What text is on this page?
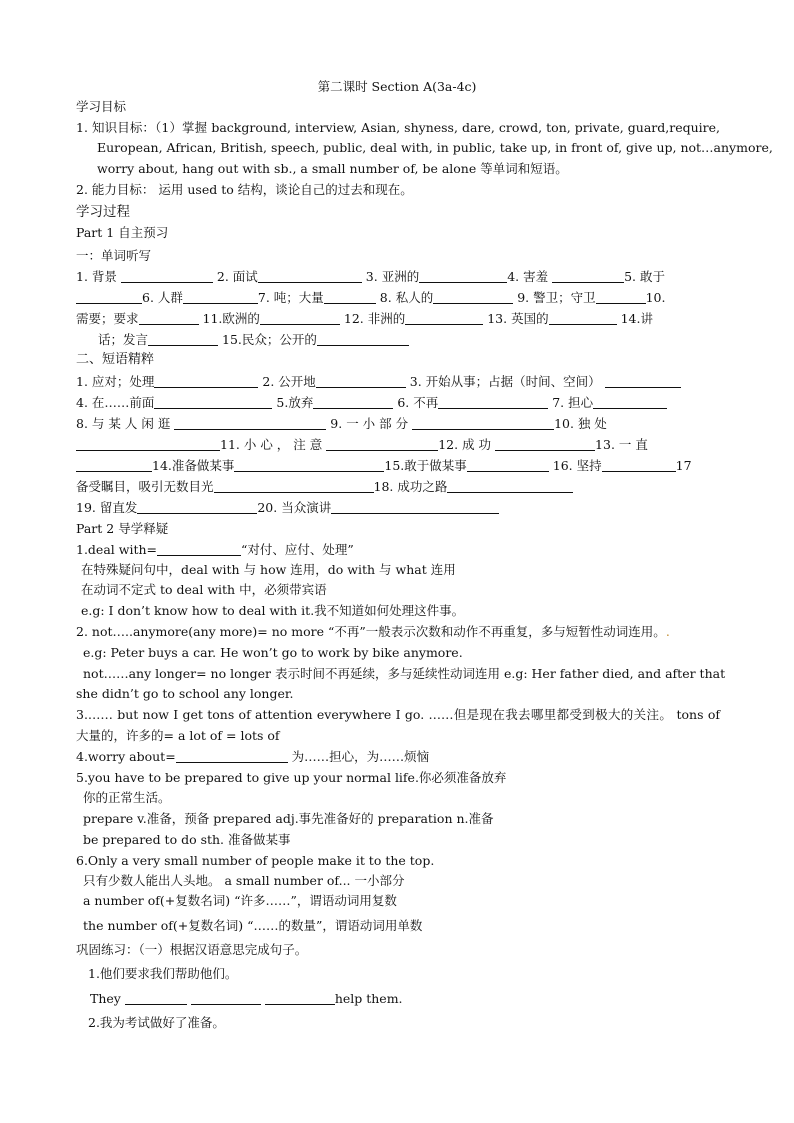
第二课时 Section A(3a-4c)
学习目标
1. 知识目标：（1）掌握 background, interview, Asian, shyness, dare, crowd, ton, private, guard,require,
European, African, British, speech, public, deal with, in public, take up, in front of, give up, not…anymore,
worry about, hang out with sb., a small number of, be alone 等单词和短语。
2. 能力目标： 运用 used to 结构，谈论自己的过去和现在。
学习过程
Part 1 自主预习
一：单词听写
1. 背景	2. 面试	3. 亚洲的	4. 害羞	5. 敢于
6. 人群	7. 吨；大量	8. 私人的	9. 警卫；守卫	10.
需要；要求	11.欧洲的	12. 非洲的	13. 英国的	14.讲
话；发言	15.民众；公开的
二、短语精粹
1. 应对；处理	2. 公开地	3. 开始从事；占据（时间、空间）
4. 在……前面	5.放弃	6. 不再	7. 担心
8. 与 某 人 闲 逛	9. 一 小 部 分	10. 独 处
11. 小 心 ， 注 意	12. 成 功	13. 一 直
14.准备做某事	15.敢于做某事	16. 坚持	17
备受瞩目，吸引无数目光	18. 成功之路
19. 留直发	20. 当众演讲
Part 2 导学释疑
1.deal with=	“对付、应付、处理”
在特殊疑问句中，deal with 与 how 连用，do with 与 what 连用
在动词不定式 to deal with 中，必须带宾语
e.g: I don’t know how to deal with it.我不知道如何处理这件事。
2. not…..anymore(any more)= no more “不再”一般表示次数和动作不再重复，多与短暂性动词连用。.
e.g: Peter buys a car. He won’t go to work by bike anymore.
not……any longer= no longer 表示时间不再延续，多与延续性动词连用 e.g: Her father died, and after that
she didn’t go to school any longer.
3.…… but now I get tons of attention everywhere I go. ……但是现在我去哪里都受到极大的关注。 tons of
大量的，许多的= a lot of = lots of
4.worry about=	为……担心，为……烦恼
5.you have to be prepared to give up your normal life.你必须准备放弃
你的正常生活。
prepare v.准备，预备 prepared adj.事先准备好的 preparation n.准备
be prepared to do sth. 准备做某事
6.Only a very small number of people make it to the top.
只有少数人能出人头地。 a small number of... 一小部分
a number of(+复数名词) “许多……”，谓语动词用复数
the number of(+复数名词) “……的数量”，谓语动词用单数
巩固练习：（一）根据汉语意思完成句子。
1.他们要求我们帮助他们。
They	help them.
2.我为考试做好了准备。
